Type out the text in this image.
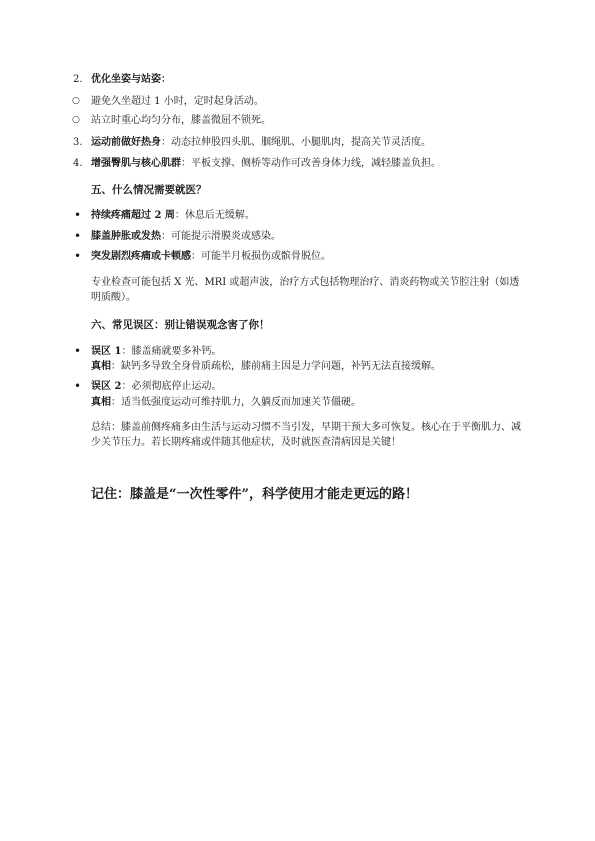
2. 优化坐姿与站姿：
○ 避免久坐超过 1 小时，定时起身活动。
○ 站立时重心均匀分布，膝盖微屈不锁死。
3. 运动前做好热身：动态拉伸股四头肌、腘绳肌、小腿肌肉，提高关节灵活度。
4. 增强臀肌与核心肌群：平板支撑、侧桥等动作可改善身体力线，减轻膝盖负担。
五、什么情况需要就医？
• 持续疼痛超过 2 周：休息后无缓解。
• 膝盖肿胀或发热：可能提示滑膜炎或感染。
• 突发剧烈疼痛或卡顿感：可能半月板损伤或髌骨脱位。
专业检查可能包括 X 光、MRI 或超声波，治疗方式包括物理治疗、消炎药物或关节腔注射（如透明质酸）。
六、常见误区：别让错误观念害了你！
• 误区 1：膝盖痛就要多补钙。
真相：缺钙多导致全身骨质疏松，膝前痛主因是力学问题，补钙无法直接缓解。
• 误区 2：必须彻底停止运动。
真相：适当低强度运动可维持肌力，久躺反而加速关节僵硬。
总结：膝盖前侧疼痛多由生活与运动习惯不当引发，早期干预大多可恢复。核心在于平衡肌力、减少关节压力。若长期疼痛或伴随其他症状，及时就医查清病因是关键！
记住：膝盖是“一次性零件”，科学使用才能走更远的路！
